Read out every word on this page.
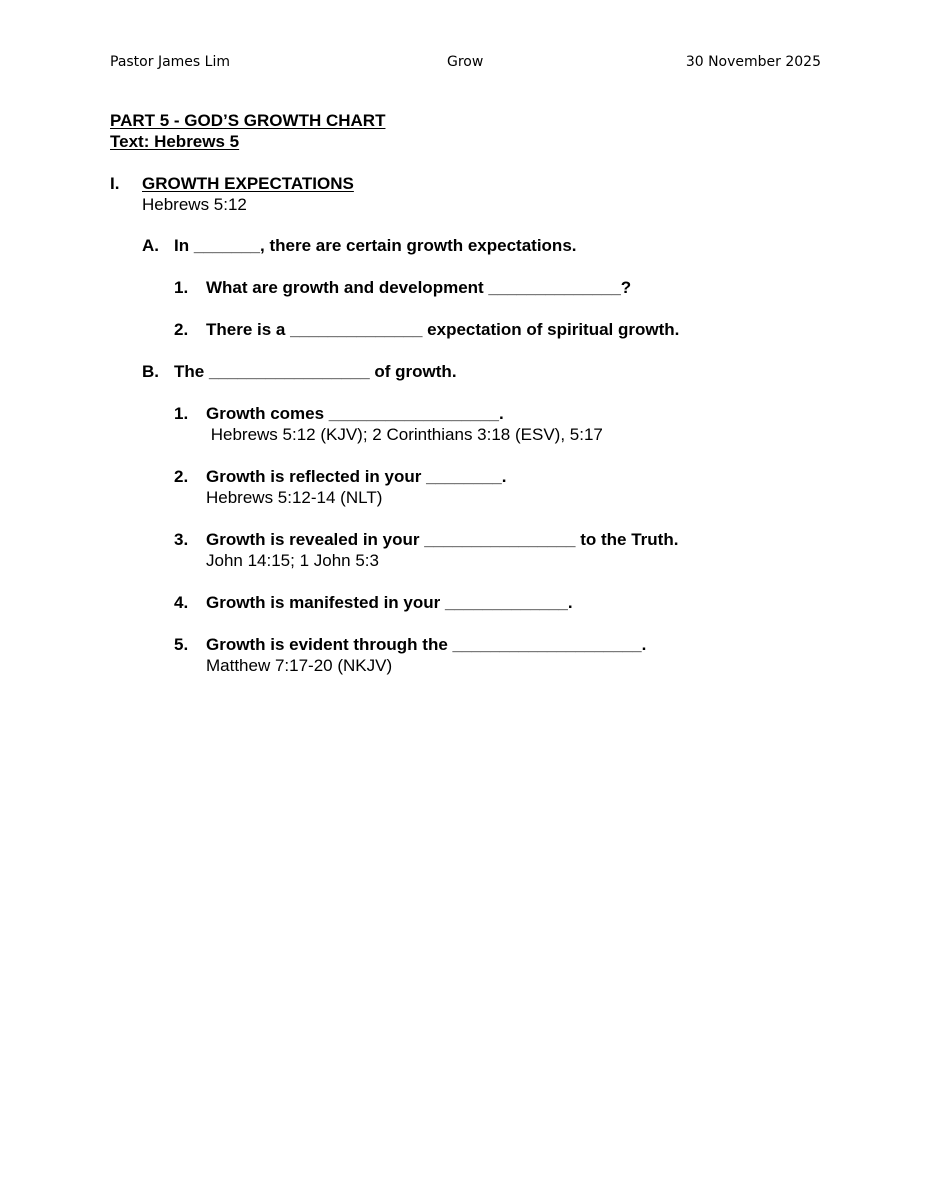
Pastor James Lim	Grow	30 November 2025
PART 5 - GOD’S GROWTH CHART
Text: Hebrews 5
I. GROWTH EXPECTATIONS
Hebrews 5:12
A. In _______, there are certain growth expectations.
1. What are growth and development ______________?
2. There is a ______________ expectation of spiritual growth.
B. The _________________ of growth.
1. Growth comes __________________.
Hebrews 5:12 (KJV); 2 Corinthians 3:18 (ESV), 5:17
2. Growth is reflected in your ________.
Hebrews 5:12-14 (NLT)
3. Growth is revealed in your ________________ to the Truth.
John 14:15; 1 John 5:3
4. Growth is manifested in your _____________.
5. Growth is evident through the ____________________.
Matthew 7:17-20 (NKJV)
